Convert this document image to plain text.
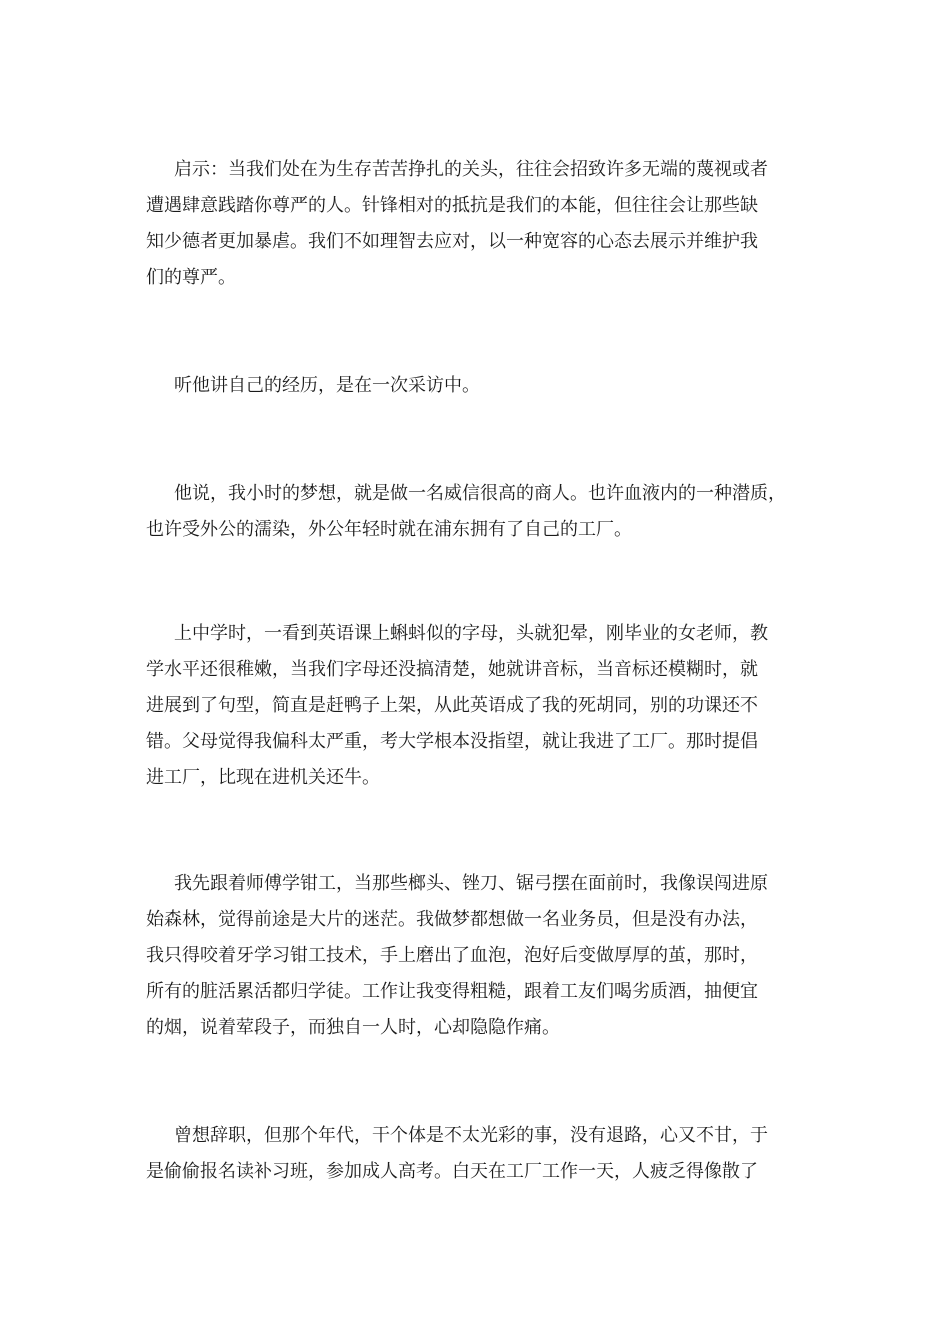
启示：当我们处在为生存苦苦挣扎的关头，往往会招致许多无端的蔑视或者
遭遇肆意践踏你尊严的人。针锋相对的抵抗是我们的本能，但往往会让那些缺
知少德者更加暴虐。我们不如理智去应对，以一种宽容的心态去展示并维护我
们的尊严。
听他讲自己的经历，是在一次采访中。
他说，我小时的梦想，就是做一名威信很高的商人。也许血液内的一种潜质，
也许受外公的濡染，外公年轻时就在浦东拥有了自己的工厂。
上中学时，一看到英语课上蝌蚪似的字母，头就犯晕，刚毕业的女老师，教
学水平还很稚嫩，当我们字母还没搞清楚，她就讲音标，当音标还模糊时，就
进展到了句型，简直是赶鸭子上架，从此英语成了我的死胡同，别的功课还不
错。父母觉得我偏科太严重，考大学根本没指望，就让我进了工厂。那时提倡
进工厂，比现在进机关还牛。
我先跟着师傅学钳工，当那些榔头、锉刀、锯弓摆在面前时，我像误闯进原
始森林，觉得前途是大片的迷茫。我做梦都想做一名业务员，但是没有办法，
我只得咬着牙学习钳工技术，手上磨出了血泡，泡好后变做厚厚的茧，那时，
所有的脏活累活都归学徒。工作让我变得粗糙，跟着工友们喝劣质酒，抽便宜
的烟，说着荤段子，而独自一人时，心却隐隐作痛。
曾想辞职，但那个年代，干个体是不太光彩的事，没有退路，心又不甘，于
是偷偷报名读补习班，参加成人高考。白天在工厂工作一天，人疲乏得像散了
